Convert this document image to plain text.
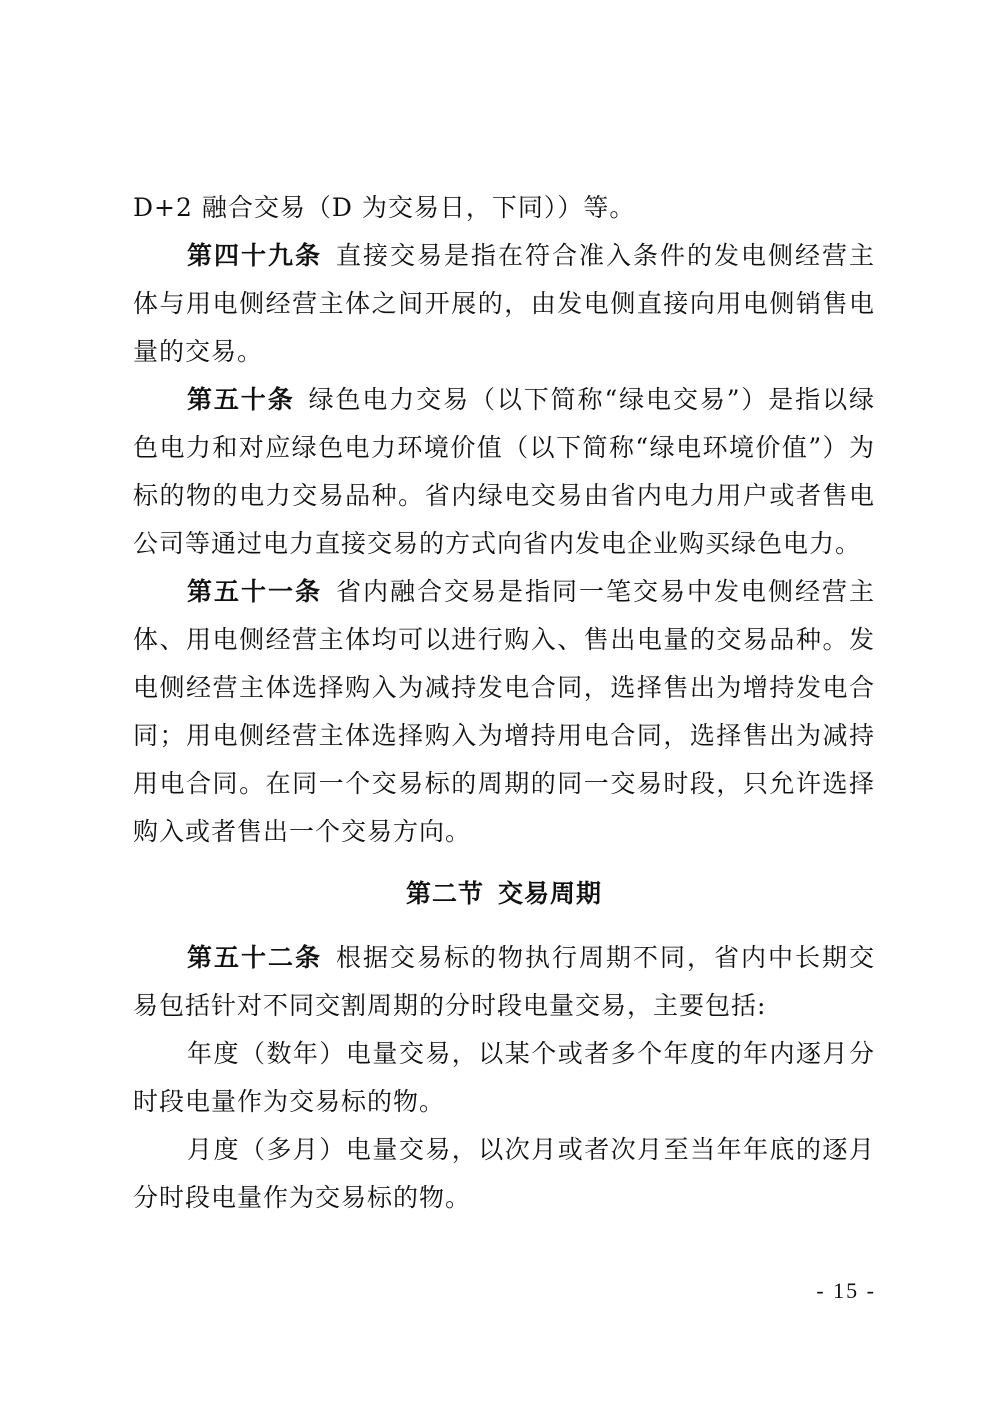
D+2 融合交易（D 为交易日，下同））等。

第四十九条 直接交易是指在符合准入条件的发电侧经营主体与用电侧经营主体之间开展的，由发电侧直接向用电侧销售电量的交易。

第五十条 绿色电力交易（以下简称“绿电交易”）是指以绿色电力和对应绿色电力环境价值（以下简称“绿电环境价值”）为标的物的电力交易品种。省内绿电交易由省内电力用户或者售电公司等通过电力直接交易的方式向省内发电企业购买绿色电力。

第五十一条 省内融合交易是指同一笔交易中发电侧经营主体、用电侧经营主体均可以进行购入、售出电量的交易品种。发电侧经营主体选择购入为减持发电合同，选择售出为增持发电合同；用电侧经营主体选择购入为增持用电合同，选择售出为减持用电合同。在同一个交易标的周期的同一交易时段，只允许选择购入或者售出一个交易方向。

第二节 交易周期

第五十二条 根据交易标的物执行周期不同，省内中长期交易包括针对不同交割周期的分时段电量交易，主要包括:

年度（数年）电量交易，以某个或者多个年度的年内逐月分时段电量作为交易标的物。

月度（多月）电量交易，以次月或者次月至当年年底的逐月分时段电量作为交易标的物。

- 15 -
